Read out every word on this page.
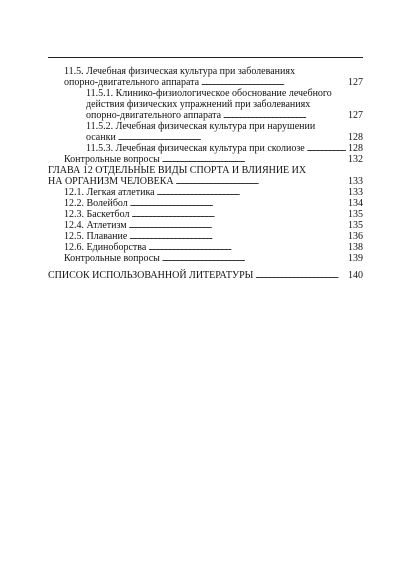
11.5. Лечебная физическая культура при заболеваниях
опорно-двигательного аппарата . . .	127
11.5.1. Клинико-физиологическое обоснование лечебного
действия физических упражнений при заболеваниях
опорно-двигательного аппарата . . .	127
11.5.2. Лечебная физическая культура при нарушении
осанки . . .	128
11.5.3. Лечебная физическая культура при сколиозе . . .	128
Контрольные вопросы . . .	132
ГЛАВА 12 ОТДЕЛЬНЫЕ ВИДЫ СПОРТА И ВЛИЯНИЕ ИХ
НА ОРГАНИЗМ ЧЕЛОВЕКА . . .	133
12.1. Легкая атлетика . . .	133
12.2. Волейбол . . .	134
12.3. Баскетбол . . .	135
12.4. Атлетизм . . .	135
12.5. Плавание . . .	136
12.6. Единоборства . . .	138
Контрольные вопросы . . .	139
СПИСОК ИСПОЛЬЗОВАННОЙ ЛИТЕРАТУРЫ . . .	140
